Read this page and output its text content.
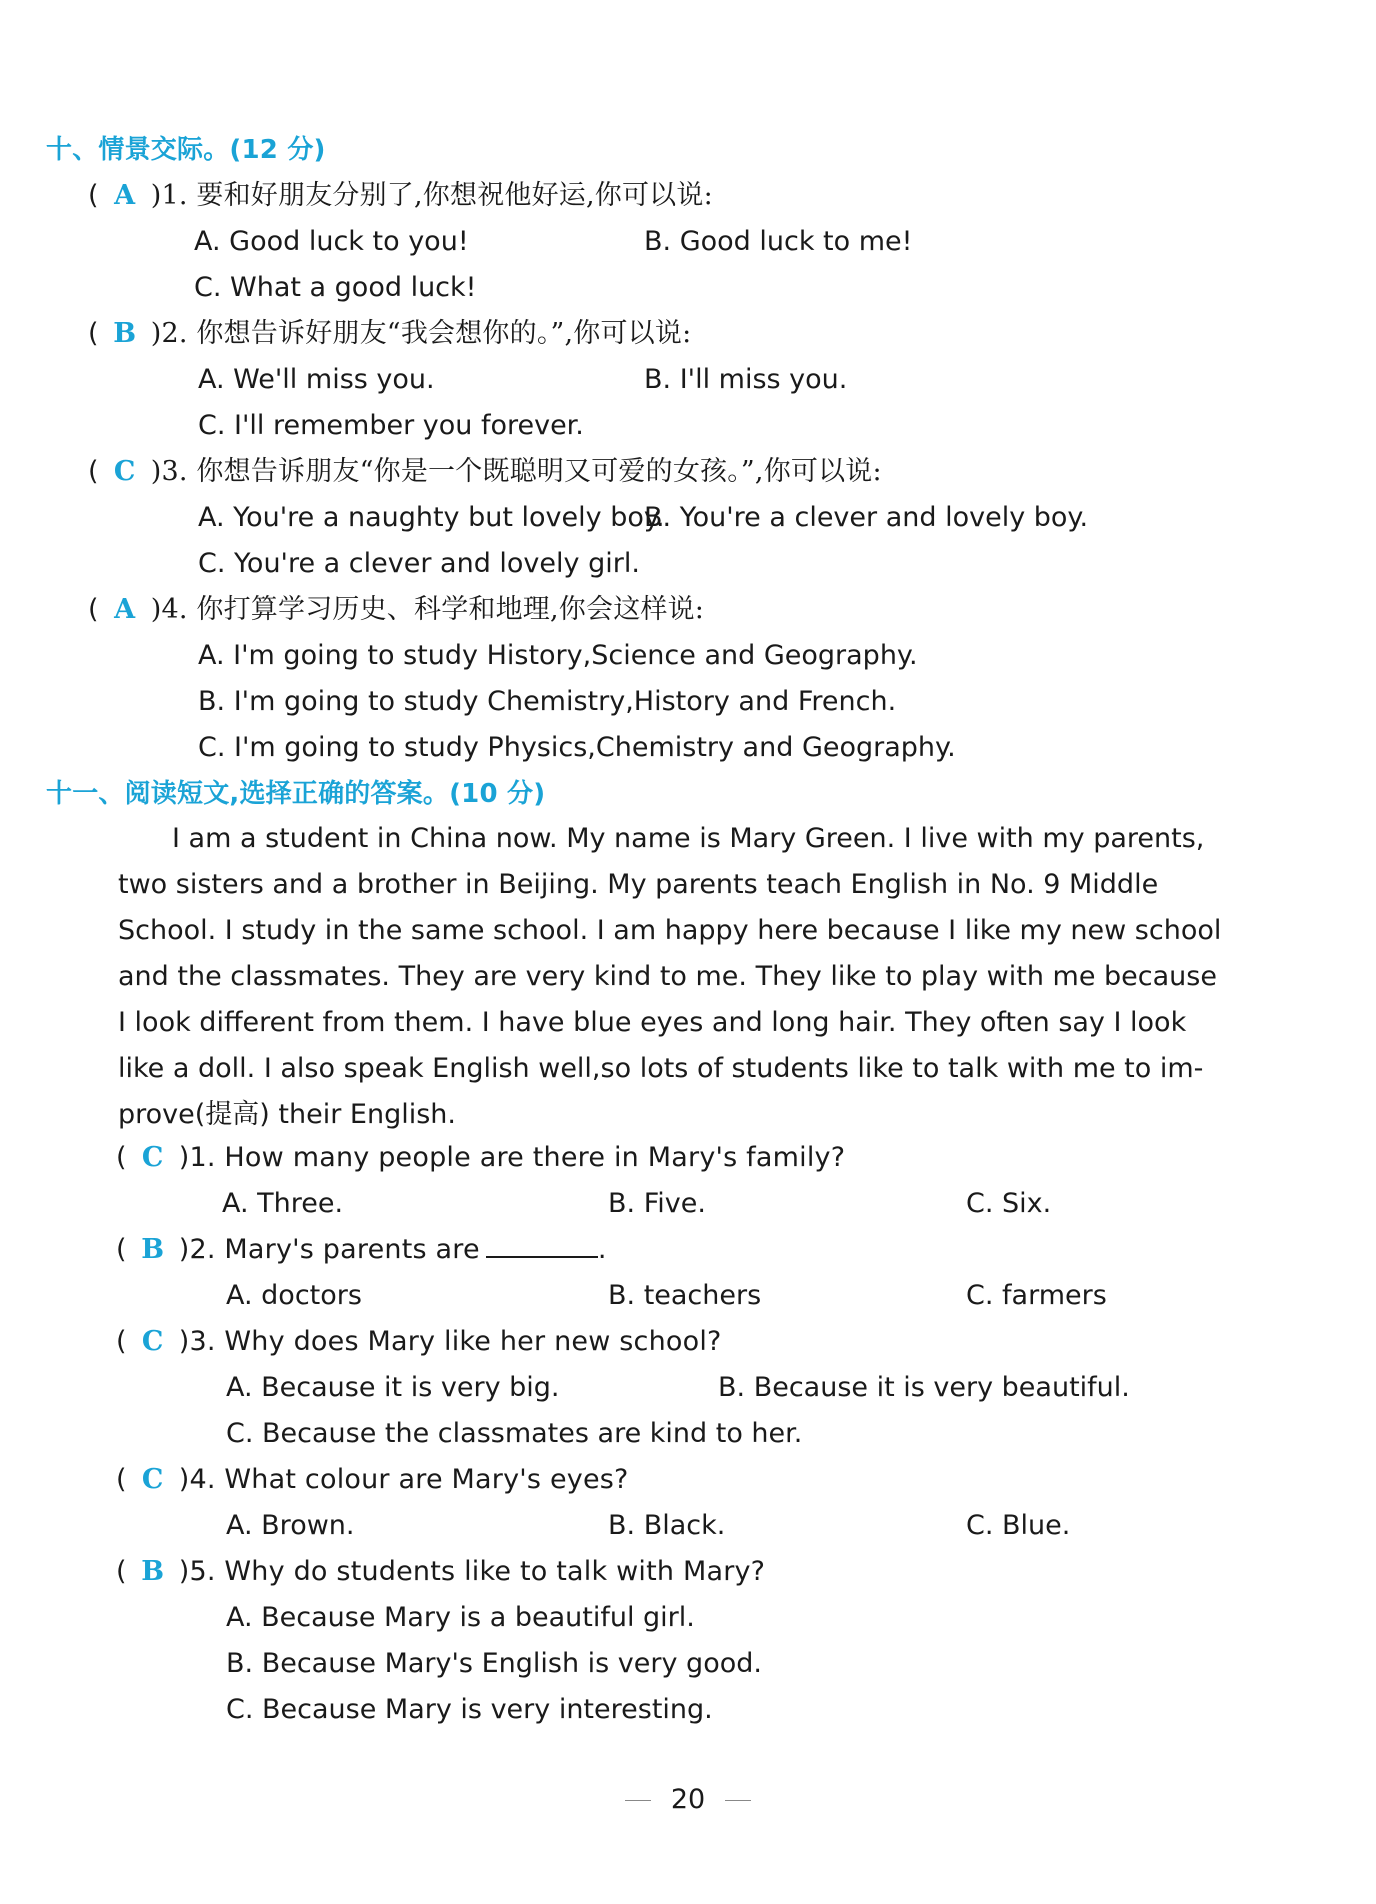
十、情景交际。(12 分)
( A )1. 要和好朋友分别了,你想祝他好运,你可以说:
A. Good luck to you!	B. Good luck to me!
C. What a good luck!
( B )2. 你想告诉好朋友“我会想你的。”,你可以说:
A. We'll miss you.	B. I'll miss you.
C. I'll remember you forever.
( C )3. 你想告诉朋友“你是一个既聪明又可爱的女孩。”,你可以说:
A. You're a naughty but lovely boy.
B. You're a clever and lovely boy.
C. You're a clever and lovely girl.
( A )4. 你打算学习历史、科学和地理,你会这样说:
A. I'm going to study History,Science and Geography.
B. I'm going to study Chemistry,History and French.
C. I'm going to study Physics,Chemistry and Geography.
十一、阅读短文,选择正确的答案。(10 分)
I am a student in China now. My name is Mary Green. I live with my parents,
two sisters and a brother in Beijing. My parents teach English in No. 9 Middle
School. I study in the same school. I am happy here because I like my new school
and the classmates. They are very kind to me. They like to play with me because
I look different from them. I have blue eyes and long hair. They often say I look
like a doll. I also speak English well,so lots of students like to talk with me to im-
prove(提高) their English.
( C )1. How many people are there in Mary's family?
A. Three.	B. Five.	C. Six.
( B )2. Mary's parents are	.
A. doctors	B. teachers	C. farmers
( C )3. Why does Mary like her new school?
A. Because it is very big.	B. Because it is very beautiful.
C. Because the classmates are kind to her.
( C )4. What colour are Mary's eyes?
A. Brown.	B. Black.	C. Blue.
( B )5. Why do students like to talk with Mary?
A. Because Mary is a beautiful girl.
B. Because Mary's English is very good.
C. Because Mary is very interesting.
20
